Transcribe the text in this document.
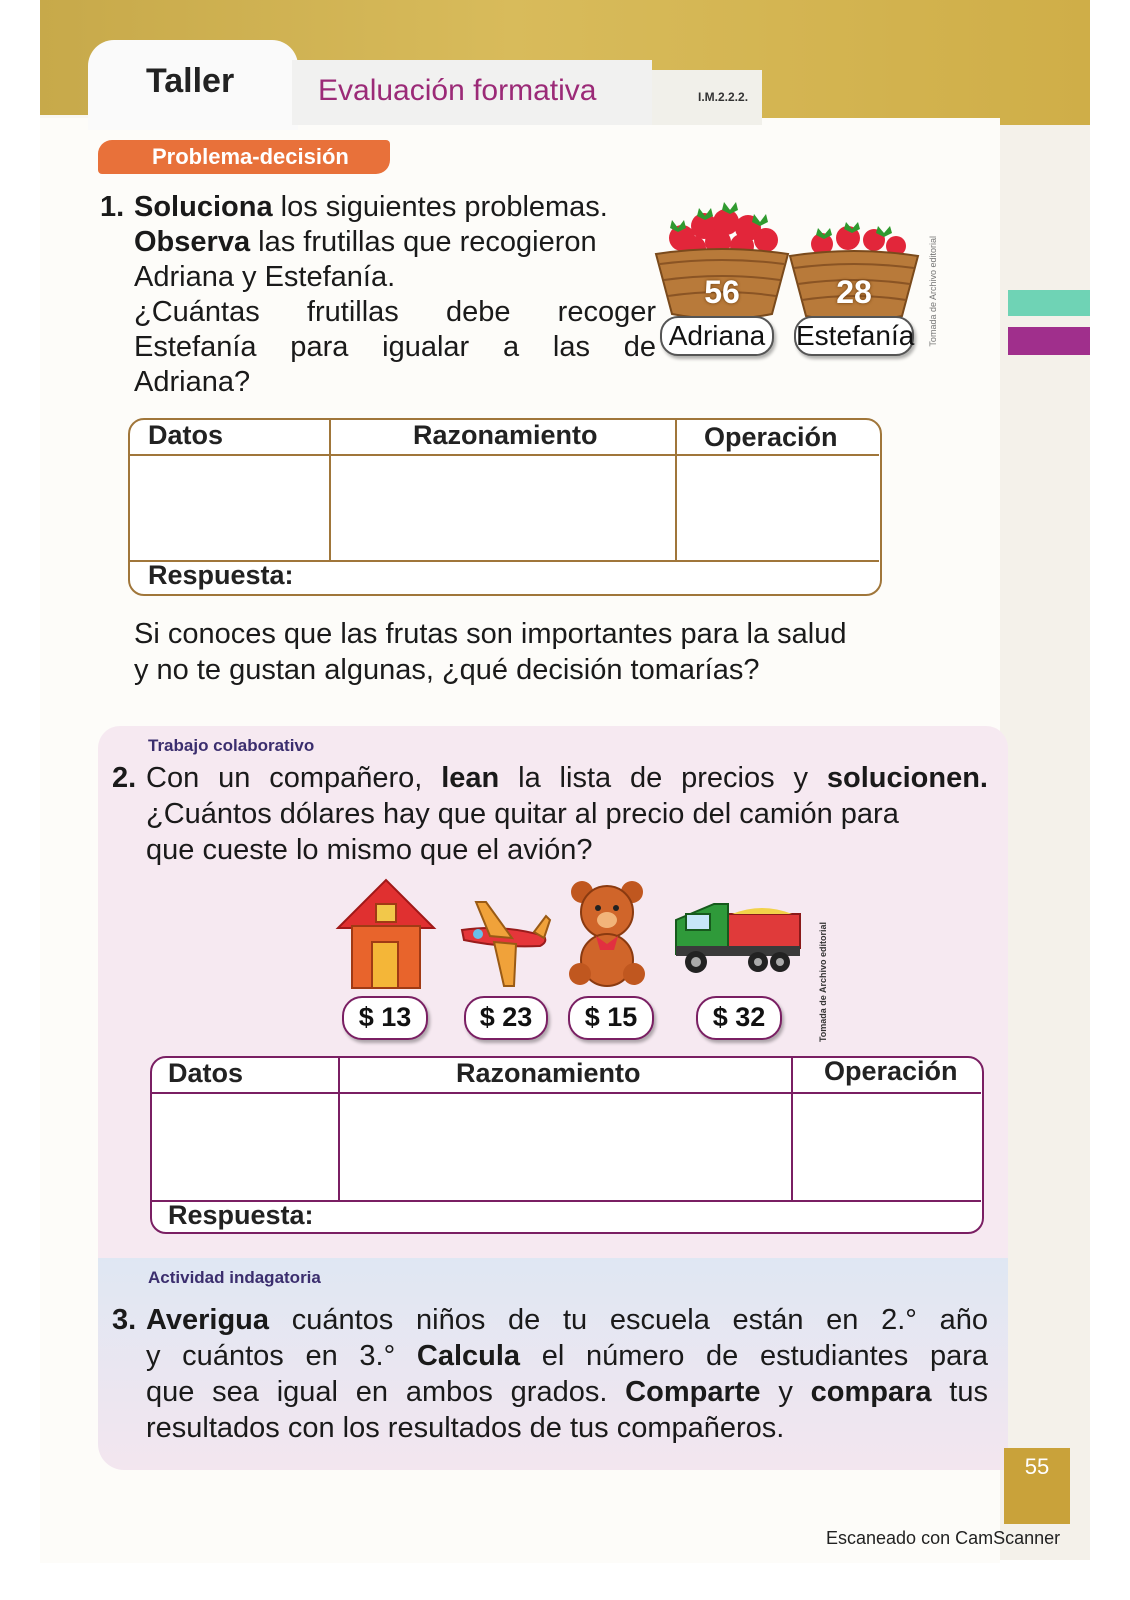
Taller	Evaluación formativa	I.M.2.2.2.
Problema-decisión
1. Soluciona los siguientes problemas.
Observa las frutillas que recogieron
Adriana y Estefanía.
¿Cuántas frutillas debe recoger
Estefanía para igualar a las de
Adriana?
56	28
Adriana	Estefanía Tomada de Archivo editorial
Datos	Razonamiento	Operación
Respuesta:
Si conoces que las frutas son importantes para la salud
y no te gustan algunas, ¿qué decisión tomarías?
Trabajo colaborativo
2. Con un compañero, lean la lista de precios y solucionen.
¿Cuántos dólares hay que quitar al precio del camión para
que cueste lo mismo que el avión?
$ 13	$ 23	$ 15	$ 32	Tomada de Archivo editorial
Datos	Razonamiento	Operación
Respuesta:
Actividad indagatoria
3. Averigua cuántos niños de tu escuela están en 2.° año
y cuántos en 3.° Calcula el número de estudiantes para
que sea igual en ambos grados. Comparte y compara tus
resultados con los resultados de tus compañeros.
55
Escaneado con CamScanner
